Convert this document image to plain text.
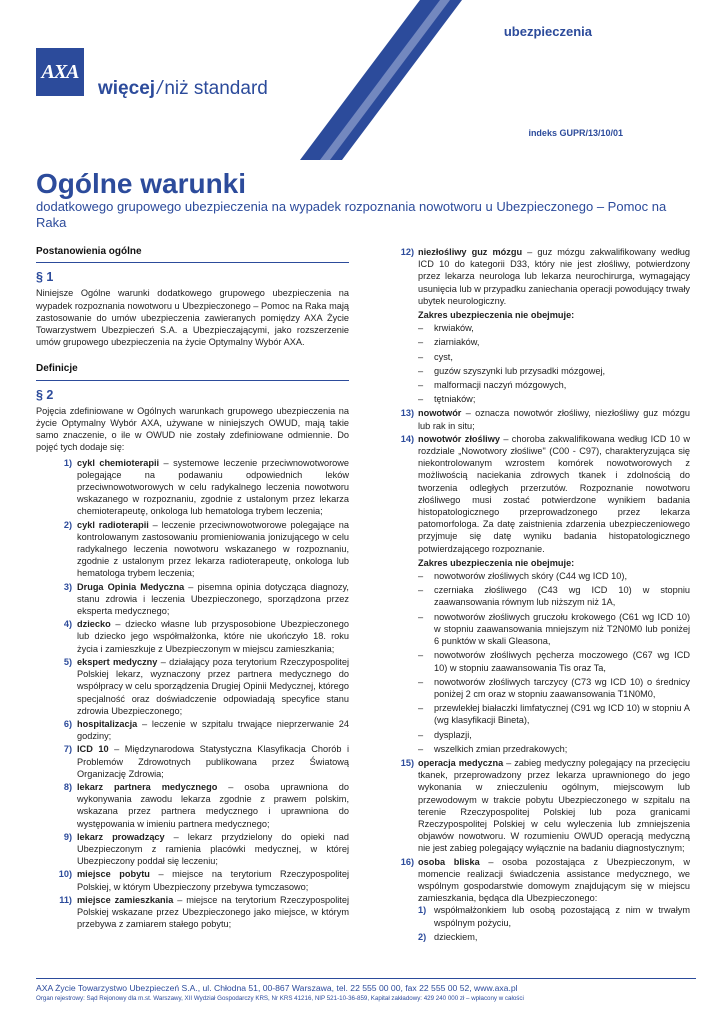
AXA
więcej / niż standard
ubezpieczenia
indeks GUPR/13/10/01
Ogólne warunki
dodatkowego grupowego ubezpieczenia na wypadek rozpoznania nowotworu u Ubezpieczonego – Pomoc na Raka
Postanowienia ogólne
§ 1
Niniejsze Ogólne warunki dodatkowego grupowego ubezpieczenia na wypadek rozpoznania nowotworu u Ubezpieczonego – Pomoc na Raka mają zastosowanie do umów ubezpieczenia zawieranych pomiędzy AXA Życie Towarzystwem Ubezpieczeń S.A. a Ubezpieczającymi, jako rozszerzenie umów grupowego ubezpieczenia na życie Optymalny Wybór AXA.
Definicje
§ 2
Pojęcia zdefiniowane w Ogólnych warunkach grupowego ubezpieczenia na życie Optymalny Wybór AXA, używane w niniejszych OWUD, mają takie samo znaczenie, o ile w OWUD nie zostały zdefiniowane odmiennie. Do pojęć tych dodaje się:
1) cykl chemioterapii – systemowe leczenie przeciwnowotworowe polegające na podawaniu odpowiednich leków przeciwnowotworowych w celu radykalnego leczenia nowotworu wskazanego w rozpoznaniu, zgodnie z ustalonym przez lekarza chemioterapeutę, onkologa lub hematologa trybem leczenia;
2) cykl radioterapii – leczenie przeciwnowotworowe polegające na kontrolowanym zastosowaniu promieniowania jonizującego w celu radykalnego leczenia nowotworu wskazanego w rozpoznaniu, zgodnie z ustalonym przez lekarza radioterapeutę, onkologa lub hematologa trybem leczenia;
3) Druga Opinia Medyczna – pisemna opinia dotycząca diagnozy, stanu zdrowia i leczenia Ubezpieczonego, sporządzona przez eksperta medycznego;
4) dziecko – dziecko własne lub przysposobione Ubezpieczonego lub dziecko jego współmałżonka, które nie ukończyło 18. roku życia i zamieszkuje z Ubezpieczonym w miejscu zamieszkania;
5) ekspert medyczny – działający poza terytorium Rzeczypospolitej Polskiej lekarz, wyznaczony przez partnera medycznego do współpracy w celu sporządzenia Drugiej Opinii Medycznej, którego specjalność oraz doświadczenie odpowiadają specyfice stanu zdrowia Ubezpieczonego;
6) hospitalizacja – leczenie w szpitalu trwające nieprzerwanie 24 godziny;
7) ICD 10 – Międzynarodowa Statystyczna Klasyfikacja Chorób i Problemów Zdrowotnych publikowana przez Światową Organizację Zdrowia;
8) lekarz partnera medycznego – osoba uprawniona do wykonywania zawodu lekarza zgodnie z prawem polskim, wskazana przez partnera medycznego i uprawniona do występowania w imieniu partnera medycznego;
9) lekarz prowadzący – lekarz przydzielony do opieki nad Ubezpieczonym z ramienia placówki medycznej, w której Ubezpieczony poddał się leczeniu;
10) miejsce pobytu – miejsce na terytorium Rzeczypospolitej Polskiej, w którym Ubezpieczony przebywa tymczasowo;
11) miejsce zamieszkania – miejsce na terytorium Rzeczypospolitej Polskiej wskazane przez Ubezpieczonego jako miejsce, w którym przebywa z zamiarem stałego pobytu;
12) niezłośliwy guz mózgu – guz mózgu zakwalifikowany według ICD 10 do kategorii D33, który nie jest złośliwy, potwierdzony przez lekarza neurologa lub lekarza neurochirurga, wymagający usunięcia lub w przypadku zaniechania operacji powodujący trwały ubytek neurologiczny.
Zakres ubezpieczenia nie obejmuje:
– krwiaków,
– ziarniaków,
– cyst,
– guzów szyszynki lub przysadki mózgowej,
– malformacji naczyń mózgowych,
– tętniaków;
13) nowotwór – oznacza nowotwór złośliwy, niezłośliwy guz mózgu lub rak in situ;
14) nowotwór złośliwy – choroba zakwalifikowana według ICD 10 w rozdziale „Nowotwory złośliwe" (C00 - C97), charakteryzująca się niekontrolowanym wzrostem komórek nowotworowych z możliwością naciekania zdrowych tkanek i zdolnością do tworzenia odległych przerzutów. Rozpoznanie nowotworu złośliwego musi zostać potwierdzone wynikiem badania histopatologicznego przeprowadzonego przez lekarza patomorfologa. Za datę zaistnienia zdarzenia ubezpieczeniowego przyjmuje się datę wyniku badania histopatologicznego potwierdzającego rozpoznanie.
Zakres ubezpieczenia nie obejmuje:
– nowotworów złośliwych skóry (C44 wg ICD 10),
– czerniaka złośliwego (C43 wg ICD 10) w stopniu zaawansowania równym lub niższym niż 1A,
– nowotworów złośliwych gruczołu krokowego (C61 wg ICD 10) w stopniu zaawansowania mniejszym niż T2N0M0 lub poniżej 6 punktów w skali Gleasona,
– nowotworów złośliwych pęcherza moczowego (C67 wg ICD 10) w stopniu zaawansowania Tis oraz Ta,
– nowotworów złośliwych tarczycy (C73 wg ICD 10) o średnicy poniżej 2 cm oraz w stopniu zaawansowania T1N0M0,
– przewlekłej białaczki limfatycznej (C91 wg ICD 10) w stopniu A (wg klasyfikacji Bineta),
– dysplazji,
– wszelkich zmian przedrakowych;
15) operacja medyczna – zabieg medyczny polegający na przecięciu tkanek, przeprowadzony przez lekarza uprawnionego do jego wykonania w znieczuleniu ogólnym, miejscowym lub przewodowym w trakcie pobytu Ubezpieczonego w szpitalu na terenie Rzeczypospolitej Polskiej lub poza granicami Rzeczypospolitej Polskiej w celu wyleczenia lub zmniejszenia objawów nowotworu. W rozumieniu OWUD operacją medyczną nie jest zabieg polegający wyłącznie na badaniu diagnostycznym;
16) osoba bliska – osoba pozostająca z Ubezpieczonym, w momencie realizacji świadczenia assistance medycznego, we wspólnym gospodarstwie domowym znajdującym się w miejscu zamieszkania, będąca dla Ubezpieczonego:
1) współmałżonkiem lub osobą pozostającą z nim w trwałym wspólnym pożyciu,
2) dzieckiem,
AXA Życie Towarzystwo Ubezpieczeń S.A., ul. Chłodna 51, 00-867 Warszawa, tel. 22 555 00 00, fax 22 555 00 52, www.axa.pl
Organ rejestrowy: Sąd Rejonowy dla m.st. Warszawy, XII Wydział Gospodarczy KRS, Nr KRS 41216, NIP 521-10-36-859, Kapitał zakładowy: 429 240 000 zł – wpłacony w całości
